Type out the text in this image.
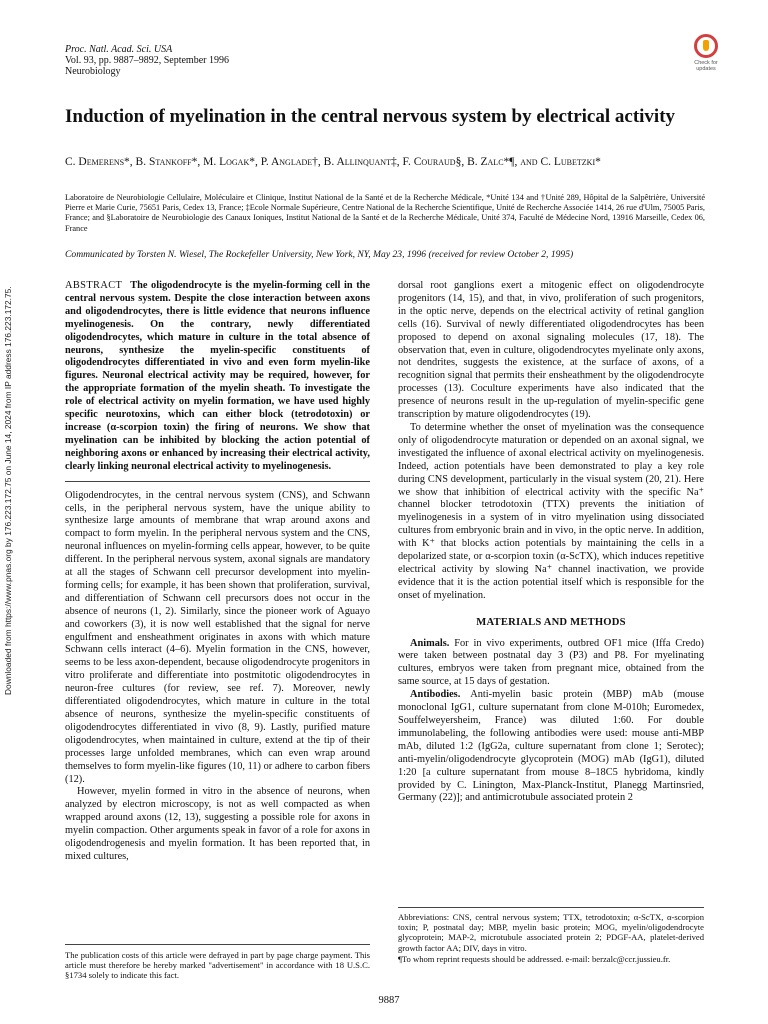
Downloaded from https://www.pnas.org by 176.223.172.75 on June 14, 2024 from IP address 176.223.172.75.
Proc. Natl. Acad. Sci. USA
Vol. 93, pp. 9887–9892, September 1996
Neurobiology
Check for
updates
Induction of myelination in the central nervous system by electrical activity
C. Demerens*, B. Stankoff*, M. Logak*, P. Anglade†, B. Allinquant‡, F. Couraud§, B. Zalc*¶, and C. Lubetzki*
Laboratoire de Neurobiologie Cellulaire, Moléculaire et Clinique, Institut National de la Santé et de la Recherche Médicale, *Unité 134 and †Unité 289, Hôpital de la Salpêtrière, Université Pierre et Marie Curie, 75651 Paris, Cedex 13, France; ‡Ecole Normale Supérieure, Centre National de la Recherche Scientifique, Unité de Recherche Associée 1414, 26 rue d'Ulm, 75005 Paris, France; and §Laboratoire de Neurobiologie des Canaux Ioniques, Institut National de la Santé et de la Recherche Médicale, Unité 374, Faculté de Médecine Nord, 13916 Marseille, Cedex 06, France
Communicated by Torsten N. Wiesel, The Rockefeller University, New York, NY, May 23, 1996 (received for review October 2, 1995)

ABSTRACT The oligodendrocyte is the myelin-forming cell in the central nervous system. Despite the close interaction between axons and oligodendrocytes, there is little evidence that neurons influence myelinogenesis. On the contrary, newly differentiated oligodendrocytes, which mature in culture in the total absence of neurons, synthesize the myelin-specific constituents of oligodendrocytes differentiated in vivo and even form myelin-like figures. Neuronal electrical activity may be required, however, for the appropriate formation of the myelin sheath. To investigate the role of electrical activity on myelin formation, we have used highly specific neurotoxins, which can either block (tetrodotoxin) or increase (α-scorpion toxin) the firing of neurons. We show that myelination can be inhibited by blocking the action potential of neighboring axons or enhanced by increasing their electrical activity, clearly linking neuronal electrical activity to myelinogenesis.

Oligodendrocytes, in the central nervous system (CNS), and Schwann cells, in the peripheral nervous system, have the unique ability to synthesize large amounts of membrane that wrap around axons and compact to form myelin. In the peripheral nervous system and the CNS, neuronal influences on myelin-forming cells appear, however, to be quite different. In the peripheral nervous system, axonal signals are mandatory at all the stages of Schwann cell precursor development into myelin-forming cells; for example, it has been shown that proliferation, survival, and differentiation of Schwann cell precursors does not occur in the absence of neurons (1, 2). Similarly, since the pioneer work of Aguayo and coworkers (3), it is now well established that the signal for nerve engulfment and ensheathment originates in axons with which mature Schwann cells interact (4–6). Myelin formation in the CNS, however, seems to be less axon-dependent, because oligodendrocyte progenitors in vitro proliferate and differentiate into postmitotic oligodendrocytes in neuron-free cultures (for review, see ref. 7). Moreover, newly differentiated oligodendrocytes, which mature in culture in the total absence of neurons, synthesize the myelin-specific constituents of oligodendrocytes differentiated in vivo (8, 9). Lastly, purified mature oligodendrocytes, when maintained in culture, extend at the tip of their processes large unfolded membranes, which can even wrap around themselves to form myelin-like figures (10, 11) or adhere to carbon fibers (12).

However, myelin formed in vitro in the absence of neurons, when analyzed by electron microscopy, is not as well compacted as when wrapped around axons (12, 13), suggesting a possible role for axons in myelin compaction. Other arguments speak in favor of a role for axons in oligodendrogenesis and myelin formation. It has been reported that, in mixed cultures,

The publication costs of this article were defrayed in part by page charge payment. This article must therefore be hereby marked "advertisement" in accordance with 18 U.S.C. §1734 solely to indicate this fact.

dorsal root ganglions exert a mitogenic effect on oligodendrocyte progenitors (14, 15), and that, in vivo, proliferation of such progenitors, in the optic nerve, depends on the electrical activity of retinal ganglion cells (16). Survival of newly differentiated oligodendrocytes has been proposed to depend on axonal signaling molecules (17, 18). The observation that, even in culture, oligodendrocytes myelinate only axons, not dendrites, suggests the existence, at the surface of axons, of a recognition signal that permits their ensheathment by the oligodendrocyte processes (13). Coculture experiments have also indicated that the presence of neurons result in the up-regulation of myelin-specific gene transcription by mature oligodendrocytes (19).

To determine whether the onset of myelination was the consequence only of oligodendrocyte maturation or depended on an axonal signal, we investigated the influence of axonal electrical activity on myelinogenesis. Indeed, action potentials have been demonstrated to play a key role during CNS development, particularly in the visual system (20, 21). Here we show that inhibition of electrical activity with the specific Na⁺ channel blocker tetrodotoxin (TTX) prevents the initiation of myelinogenesis in a system of in vitro myelination using dissociated cultures from embryonic brain and in vivo, in the optic nerve. In addition, with K⁺ that blocks action potentials by maintaining the cells in a depolarized state, or α-scorpion toxin (α-ScTX), which induces repetitive electrical activity by slowing Na⁺ channel inactivation, we provide evidence that it is the action potential itself which is responsible for the onset of myelination.

MATERIALS AND METHODS

Animals. For in vivo experiments, outbred OF1 mice (Iffa Credo) were taken between postnatal day 3 (P3) and P8. For myelinating cultures, embryos were taken from pregnant mice, obtained from the same source, at 15 days of gestation.

Antibodies. Anti-myelin basic protein (MBP) mAb (mouse monoclonal IgG1, culture supernatant from clone M-010h; Euromedex, Souffelweyersheim, France) was diluted 1:60. For double immunolabeling, the following antibodies were used: mouse anti-MBP mAb, diluted 1:2 (IgG2a, culture supernatant from clone 1; Serotec); anti-myelin/oligodendrocyte glycoprotein (MOG) mAb (IgG1), diluted 1:20 [a culture supernatant from mouse 8–18C5 hybridoma, kindly provided by C. Linington, Max-Planck-Institut, Planegg Martinsried, Germany (22)]; and antimicrotubule associated protein 2

Abbreviations: CNS, central nervous system; TTX, tetrodotoxin; α-ScTX, α-scorpion toxin; P, postnatal day; MBP, myelin basic protein; MOG, myelin/oligodendrocyte glycoprotein; MAP-2, microtubule associated protein 2; PDGF-AA, platelet-derived growth factor AA; DIV, days in vitro.
¶To whom reprint requests should be addressed. e-mail: berzalc@ccr.jussieu.fr.
9887
